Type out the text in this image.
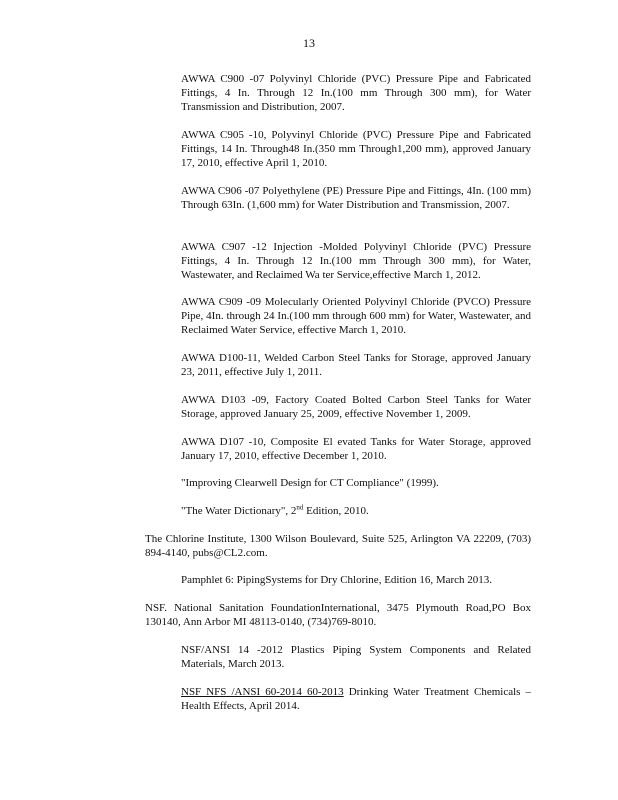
13

AWWA C900 -07 Polyvinyl Chloride (PVC) Pressure Pipe and Fabricated Fittings, 4 In. Through 12 In.(100 mm Through 300 mm), for Water Transmission and Distribution, 2007.

AWWA C905 -10, Polyvinyl Chloride (PVC) Pressure Pipe and Fabricated Fittings, 14 In. Through48 In.(350 mm Through1,200 mm), approved January 17, 2010, effective April 1, 2010.

AWWA C906 -07 Polyethylene (PE) Pressure Pipe and Fittings, 4In. (100 mm) Through 63In. (1,600 mm) for Water Distribution and Transmission, 2007.

AWWA C907 -12 Injection -Molded Polyvinyl Chloride (PVC) Pressure Fittings, 4 In. Through 12 In.(100 mm Through 300 mm), for Water, Wastewater, and Reclaimed Wa ter Service,effective March 1, 2012.

AWWA C909 -09 Molecularly Oriented Polyvinyl Chloride (PVCO) Pressure Pipe, 4In. through 24 In.(100 mm through 600 mm) for Water, Wastewater, and Reclaimed Water Service, effective March 1, 2010.

AWWA D100-11, Welded Carbon Steel Tanks for Storage, approved January 23, 2011, effective July 1, 2011.

AWWA D103 -09, Factory Coated Bolted Carbon Steel Tanks for Water Storage, approved January 25, 2009, effective November 1, 2009.

AWWA D107 -10, Composite El evated Tanks for Water Storage, approved January 17, 2010, effective December 1, 2010.

"Improving Clearwell Design for CT Compliance" (1999).

"The Water Dictionary", 2nd Edition, 2010.

The Chlorine Institute, 1300 Wilson Boulevard, Suite 525, Arlington VA 22209, (703) 894-4140, pubs@CL2.com.

Pamphlet 6: PipingSystems for Dry Chlorine, Edition 16, March 2013.

NSF. National Sanitation FoundationInternational, 3475 Plymouth Road,PO Box 130140, Ann Arbor MI 48113-0140, (734)769-8010.

NSF/ANSI 14 -2012 Plastics Piping System Components and Related Materials, March 2013.

NSF NFS /ANSI 60-2014 60-2013 Drinking Water Treatment Chemicals – Health Effects, April 2014.
